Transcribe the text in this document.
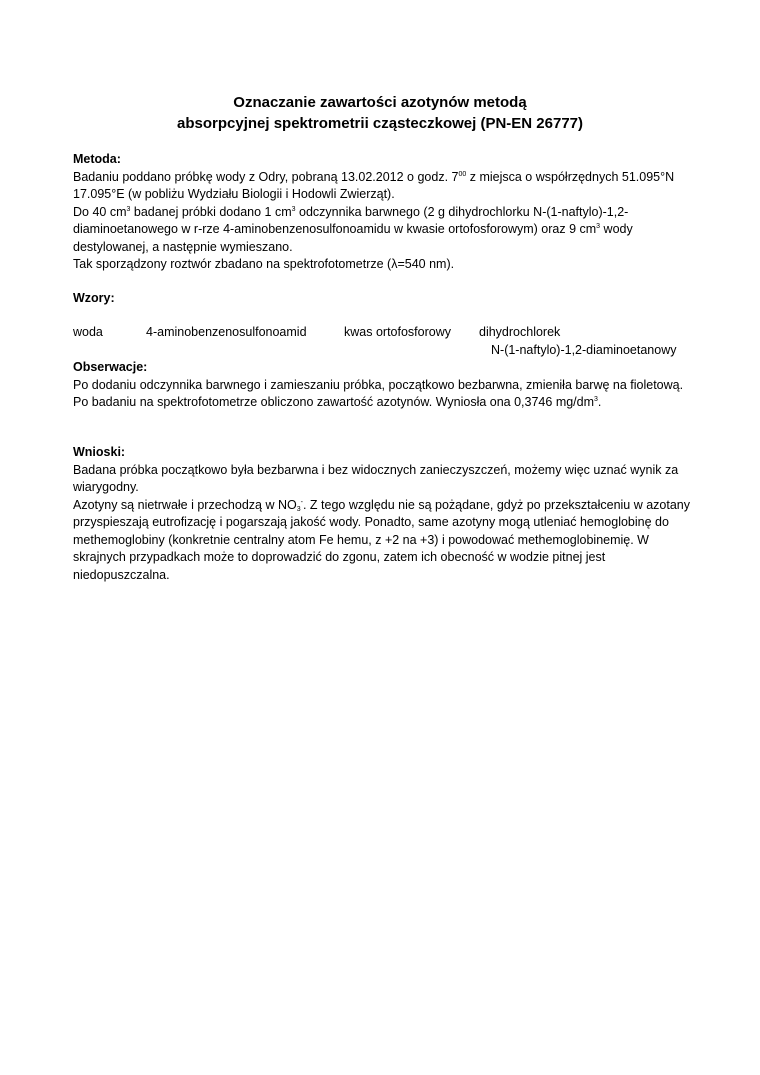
Oznaczanie zawartości azotynów metodą
absorpcyjnej spektrometrii cząsteczkowej (PN-EN 26777)

Metoda:

Badaniu poddano próbkę wody z Odry, pobraną 13.02.2012 o godz. $7^{00}$ z miejsca o współrzędnych 51.095°N 17.095°E (w pobliżu Wydziału Biologii i Hodowli Zwierząt).

Do 40 $cm^3$ badanej próbki dodano 1 $cm^3$ odczynnika barwnego (2 g dihydrochlorku N-(1-naftylo)-1,2-diaminoetanowego w r-rze 4-aminobenzenosulfonoamidu w kwasie ortofosforowym) oraz 9 $cm^3$ wody destylowanej, a następnie wymieszano.

Tak sporządzony roztwór zbadano na spektrofotometrze (λ=540 nm).

Wzory:

woda	4-aminobenzenosulfonoamid	kwas ortofosforowy dihydrochlorek
N-(1-naftylo)-1,2-diaminoetanowy

Obserwacje:

Po dodaniu odczynnika barwnego i zamieszaniu próbka, początkowo bezbarwna, zmieniła barwę na fioletową.

Po badaniu na spektrofotometrze obliczono zawartość azotynów. Wyniosła ona 0,3746 $mg/dm^3$.

Wnioski:

Badana próbka początkowo była bezbarwna i bez widocznych zanieczyszczeń, możemy więc uznać wynik za wiarygodny.

Azotyny są nietrwałe i przechodzą w $NO_3^-$. Z tego względu nie są pożądane, gdyż po przekształceniu w azotany przyspieszają eutrofizację i pogarszają jakość wody. Ponadto, same azotyny mogą utleniać hemoglobinę do methemoglobiny (konkretnie centralny atom Fe hemu, z +2 na +3) i powodować methemoglobinemię. W skrajnych przypadkach może to doprowadzić do zgonu, zatem ich obecność w wodzie pitnej jest niedopuszczalna.
